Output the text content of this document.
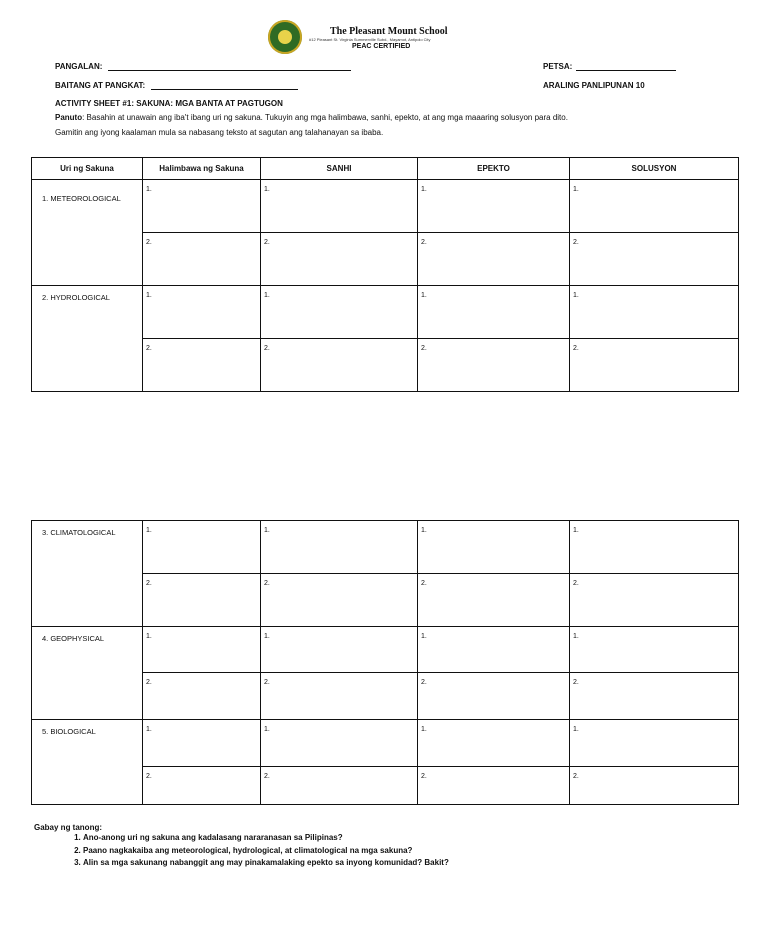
The Pleasant Mount School
#12 Pleasant St. Virginia Summerville Subd., Mayamot, Antipolo City
PEAC CERTIFIED
PANGALAN:	PETSA:
BAITANG AT PANGKAT:	ARALING PANLIPUNAN 10
ACTIVITY SHEET #1: SAKUNA: MGA BANTA AT PAGTUGON
Panuto: Basahin at unawain ang iba't ibang uri ng sakuna. Tukuyin ang mga halimbawa, sanhi, epekto, at ang mga maaaring solusyon para dito.
Gamitin ang iyong kaalaman mula sa nabasang teksto at sagutan ang talahanayan sa ibaba.
Uri ng Sakuna	Halimbawa ng Sakuna	SANHI	EPEKTO	SOLUSYON
1. METEOROLOGICAL	1.	1.	1.	1.
	2.	2.	2.	2.
2. HYDROLOGICAL	1.	1.	1.	1.
	2.	2.	2.	2.
3. CLIMATOLOGICAL	1.	1.	1.	1.
	2.	2.	2.	2.
4. GEOPHYSICAL	1.	1.	1.	1.
	2.	2.	2.	2.
5. BIOLOGICAL	1.	1.	1.	1.
	2.	2.	2.	2.
Gabay ng tanong:
1. Ano-anong uri ng sakuna ang kadalasang nararanasan sa Pilipinas?
2. Paano nagkakaiba ang meteorological, hydrological, at climatological na mga sakuna?
3. Alin sa mga sakunang nabanggit ang may pinakamalaking epekto sa inyong komunidad? Bakit?
